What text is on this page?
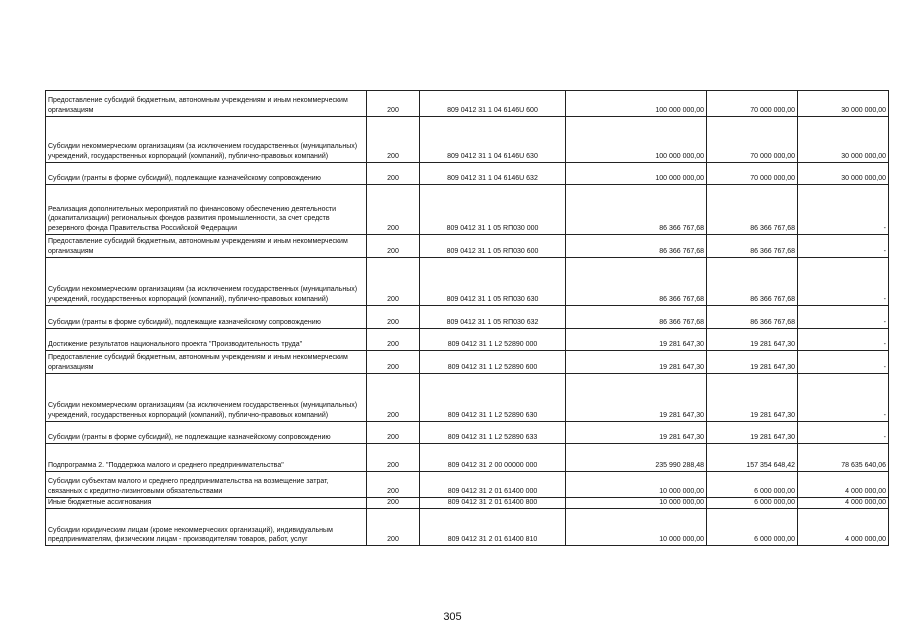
Предоставление субсидий бюджетным, автономным учреждениям и иным некоммерческим организациям	200	809 0412 31 1 04 6146U 600	100 000 000,00	70 000 000,00	30 000 000,00
Субсидии некоммерческим организациям (за исключением государственных (муниципальных) учреждений, государственных корпораций (компаний), публично-правовых компаний)	200	809 0412 31 1 04 6146U 630	100 000 000,00	70 000 000,00	30 000 000,00
Субсидии (гранты в форме субсидий), подлежащие казначейскому сопровождению	200	809 0412 31 1 04 6146U 632	100 000 000,00	70 000 000,00	30 000 000,00
Реализация дополнительных мероприятий по финансовому обеспечению деятельности (докапитализации) региональных фондов развития промышленности, за счет средств резервного фонда Правительства Российской Федерации	200	809 0412 31 1 05 RП030 000	86 366 767,68	86 366 767,68	-
Предоставление субсидий бюджетным, автономным учреждениям и иным некоммерческим организациям	200	809 0412 31 1 05 RП030 600	86 366 767,68	86 366 767,68	-
Субсидии некоммерческим организациям (за исключением государственных (муниципальных) учреждений, государственных корпораций (компаний), публично-правовых компаний)	200	809 0412 31 1 05 RП030 630	86 366 767,68	86 366 767,68	-
Субсидии (гранты в форме субсидий), подлежащие казначейскому сопровождению	200	809 0412 31 1 05 RП030 632	86 366 767,68	86 366 767,68	-
Достижение результатов национального проекта "Производительность труда"	200	809 0412 31 1 L2 52890 000	19 281 647,30	19 281 647,30	-
Предоставление субсидий бюджетным, автономным учреждениям и иным некоммерческим организациям	200	809 0412 31 1 L2 52890 600	19 281 647,30	19 281 647,30	-
Субсидии некоммерческим организациям (за исключением государственных (муниципальных) учреждений, государственных корпораций (компаний), публично-правовых компаний)	200	809 0412 31 1 L2 52890 630	19 281 647,30	19 281 647,30	-
Субсидии (гранты в форме субсидий), не подлежащие казначейскому сопровождению	200	809 0412 31 1 L2 52890 633	19 281 647,30	19 281 647,30	-
Подпрограмма 2. "Поддержка малого и среднего предпринимательства"	200	809 0412 31 2 00 00000 000	235 990 288,48	157 354 648,42	78 635 640,06
Субсидии субъектам малого и среднего предпринимательства на возмещение затрат, связанных с кредитно-лизинговыми обязательствами	200	809 0412 31 2 01 61400 000	10 000 000,00	6 000 000,00	4 000 000,00
Иные бюджетные ассигнования	200	809 0412 31 2 01 61400 800	10 000 000,00	6 000 000,00	4 000 000,00
Субсидии юридическим лицам (кроме некоммерческих организаций), индивидуальным предпринимателям, физическим лицам - производителям товаров, работ, услуг	200	809 0412 31 2 01 61400 810	10 000 000,00	6 000 000,00	4 000 000,00
305
